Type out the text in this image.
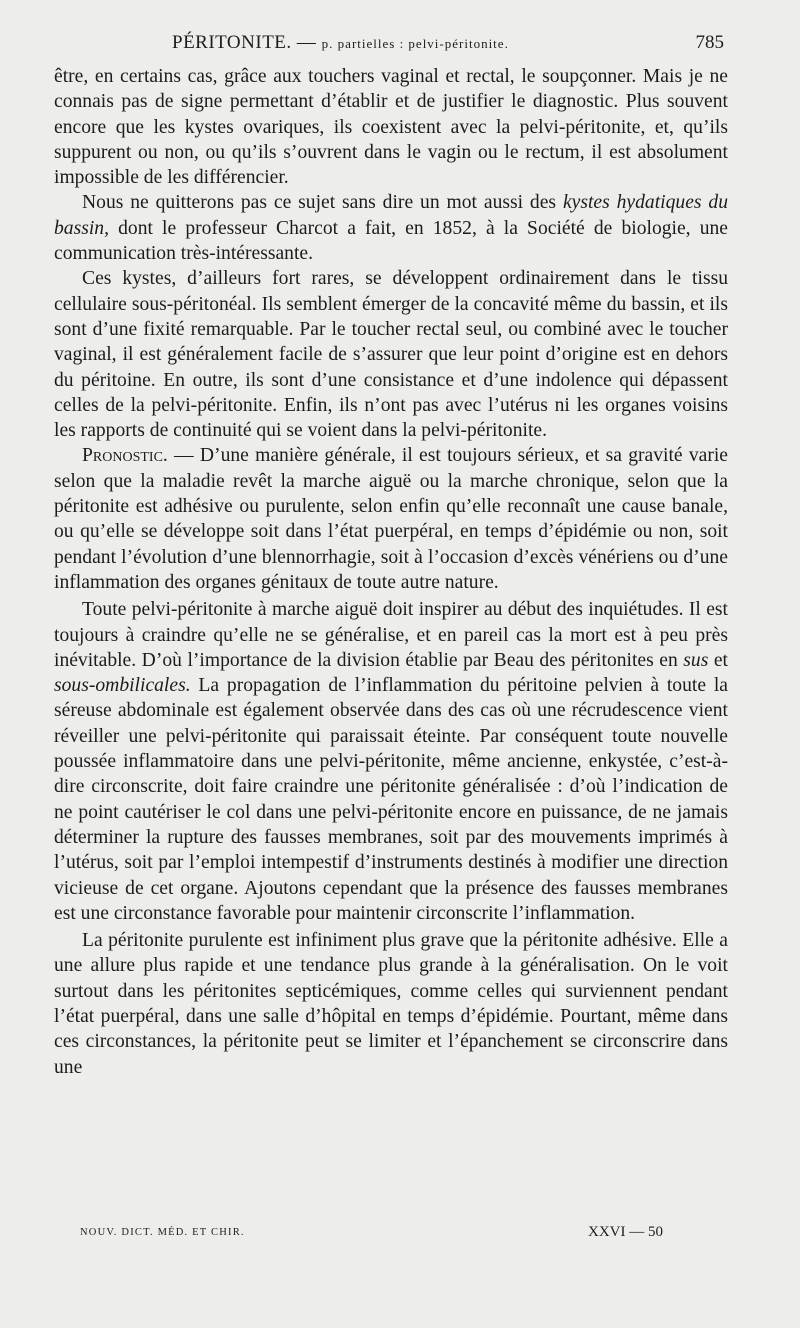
PÉRITONITE. — p. partielles : pelvi-péritonite.	785

être, en certains cas, grâce aux touchers vaginal et rectal, le soupçonner. Mais je ne connais pas de signe permettant d’établir et de justifier le diagnostic. Plus souvent encore que les kystes ovariques, ils coexistent avec la pelvi-péritonite, et, qu’ils suppurent ou non, ou qu’ils s’ouvrent dans le vagin ou le rectum, il est absolument impossible de les différencier.

Nous ne quitterons pas ce sujet sans dire un mot aussi des kystes hydatiques du bassin, dont le professeur Charcot a fait, en 1852, à la Société de biologie, une communication très-intéressante.

Ces kystes, d’ailleurs fort rares, se développent ordinairement dans le tissu cellulaire sous-péritonéal. Ils semblent émerger de la concavité même du bassin, et ils sont d’une fixité remarquable. Par le toucher rectal seul, ou combiné avec le toucher vaginal, il est généralement facile de s’assurer que leur point d’origine est en dehors du péritoine. En outre, ils sont d’une consistance et d’une indolence qui dépassent celles de la pelvi-péritonite. Enfin, ils n’ont pas avec l’utérus ni les organes voisins les rapports de continuité qui se voient dans la pelvi-péritonite.

Pronostic. — D’une manière générale, il est toujours sérieux, et sa gravité varie selon que la maladie revêt la marche aiguë ou la marche chronique, selon que la péritonite est adhésive ou purulente, selon enfin qu’elle reconnaît une cause banale, ou qu’elle se développe soit dans l’état puerpéral, en temps d’épidémie ou non, soit pendant l’évolution d’une blennorrhagie, soit à l’occasion d’excès vénériens ou d’une inflammation des organes génitaux de toute autre nature.

Toute pelvi-péritonite à marche aiguë doit inspirer au début des inquiétudes. Il est toujours à craindre qu’elle ne se généralise, et en pareil cas la mort est à peu près inévitable. D’où l’importance de la division établie par Beau des péritonites en sus et sous-ombilicales. La propagation de l’inflammation du péritoine pelvien à toute la séreuse abdominale est également observée dans des cas où une récrudescence vient réveiller une pelvi-péritonite qui paraissait éteinte. Par conséquent toute nouvelle poussée inflammatoire dans une pelvi-péritonite, même ancienne, enkystée, c’est-à-dire circonscrite, doit faire craindre une péritonite généralisée : d’où l’indication de ne point cautériser le col dans une pelvi-péritonite encore en puissance, de ne jamais déterminer la rupture des fausses membranes, soit par des mouvements imprimés à l’utérus, soit par l’emploi intempestif d’instruments destinés à modifier une direction vicieuse de cet organe. Ajoutons cependant que la présence des fausses membranes est une circonstance favorable pour maintenir circonscrite l’inflammation.

La péritonite purulente est infiniment plus grave que la péritonite adhésive. Elle a une allure plus rapide et une tendance plus grande à la généralisation. On le voit surtout dans les péritonites septicémiques, comme celles qui surviennent pendant l’état puerpéral, dans une salle d’hôpital en temps d’épidémie. Pourtant, même dans ces circonstances, la péritonite peut se limiter et l’épanchement se circonscrire dans une

NOUV. DICT. MÉD. ET CHIR.	XXVI — 50
